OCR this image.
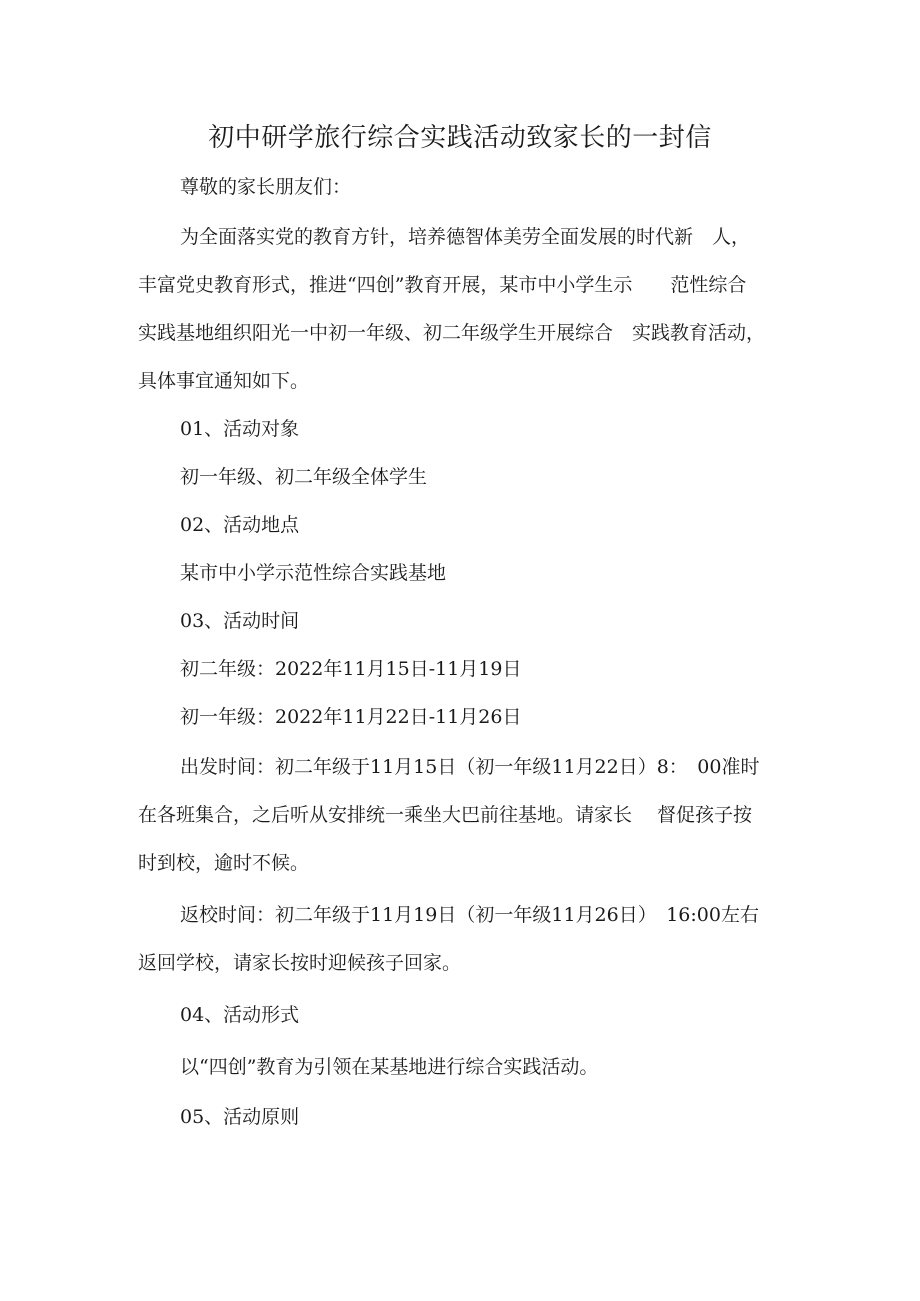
初中研学旅行综合实践活动致家长的一封信
尊敬的家长朋友们：
为全面落实党的教育方针，培养德智体美劳全面发展的时代新　人，
丰富党史教育形式，推进“四创”教育开展，某市中小学生示　　范性综合
实践基地组织阳光一中初一年级、初二年级学生开展综合　实践教育活动，
具体事宜通知如下。
01、活动对象
初一年级、初二年级全体学生
02、活动地点
某市中小学示范性综合实践基地
03、活动时间
初二年级：2022年11月15日-11月19日
初一年级：2022年11月22日-11月26日
出发时间：初二年级于11月15日（初一年级11月22日）8：　00准时
在各班集合，之后听从安排统一乘坐大巴前往基地。请家长　 督促孩子按
时到校，逾时不候。
返校时间：初二年级于11月19日（初一年级11月26日）　16:00左右
返回学校，请家长按时迎候孩子回家。
04、活动形式
以“四创”教育为引领在某基地进行综合实践活动。
05、活动原则
